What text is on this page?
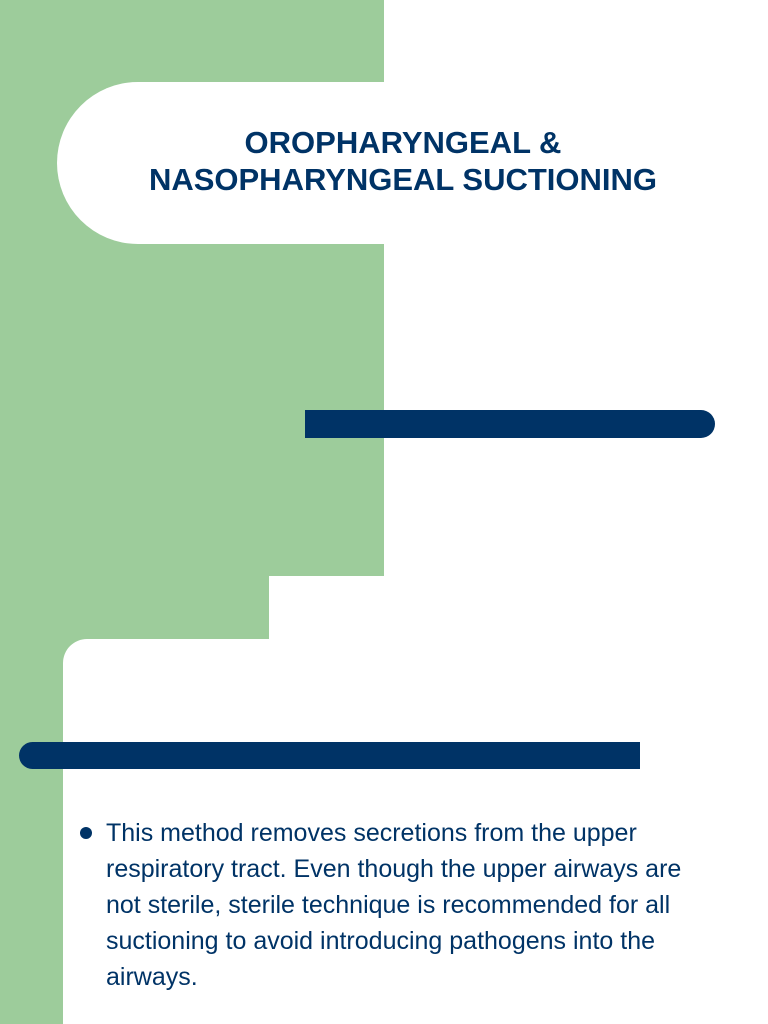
OROPHARYNGEAL &
NASOPHARYNGEAL SUCTIONING
This method removes secretions from the upper respiratory tract. Even though the upper airways are not sterile, sterile technique is recommended for all suctioning to avoid introducing pathogens into the airways.
